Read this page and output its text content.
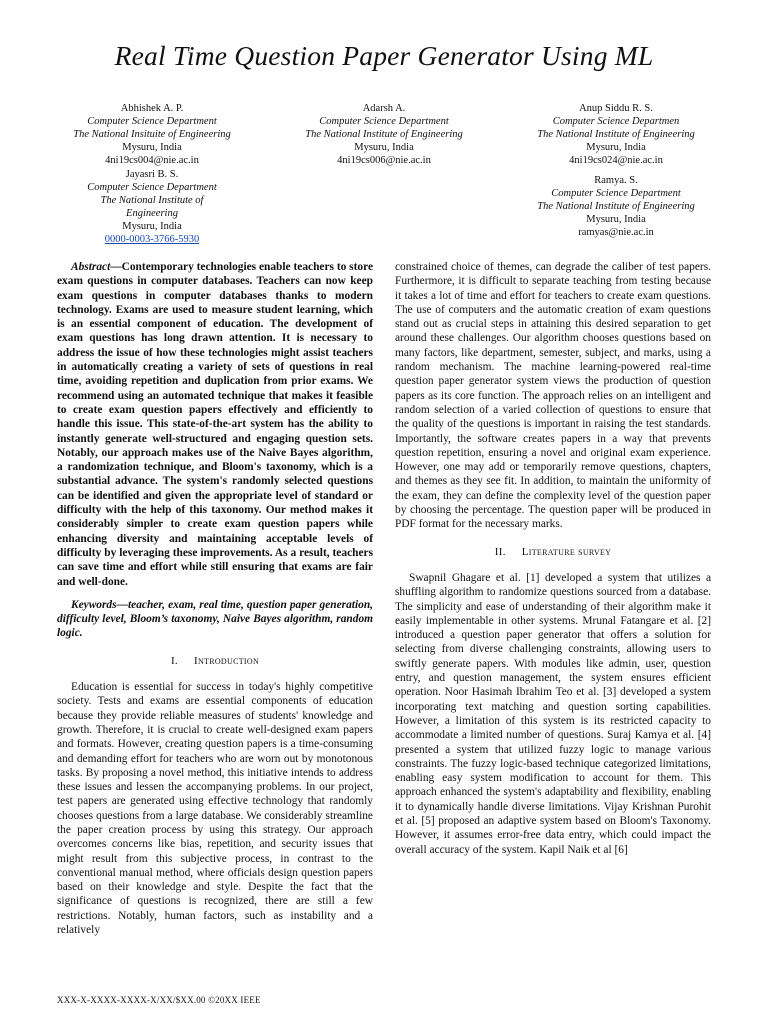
Real Time Question Paper Generator Using ML
Abhishek A. P.
Computer Science Department
The National Insituite of Engineering
Mysuru, India
4ni19cs004@nie.ac.in
Adarsh A.
Computer Science Department
The National Institute of Engineering
Mysuru, India
4ni19cs006@nie.ac.in
Anup Siddu R. S.
Computer Science Departmen
The National Institute of Engineering
Mysuru, India
4ni19cs024@nie.ac.in
Jayasri B. S.
Computer Science Department
The National Institute of
Engineering
Mysuru, India
0000-0003-3766-5930
Ramya. S.
Computer Science Department
The National Institute of Engineering
Mysuru, India
ramyas@nie.ac.in

Abstract—Contemporary technologies enable teachers to store exam questions in computer databases. Teachers can now keep exam questions in computer databases thanks to modern technology. Exams are used to measure student learning, which is an essential component of education. The development of exam questions has long drawn attention. It is necessary to address the issue of how these technologies might assist teachers in automatically creating a variety of sets of questions in real time, avoiding repetition and duplication from prior exams. We recommend using an automated technique that makes it feasible to create exam question papers effectively and efficiently to handle this issue. This state-of-the-art system has the ability to instantly generate well-structured and engaging question sets. Notably, our approach makes use of the Naive Bayes algorithm, a randomization technique, and Bloom's taxonomy, which is a substantial advance. The system's randomly selected questions can be identified and given the appropriate level of standard or difficulty with the help of this taxonomy. Our method makes it considerably simpler to create exam question papers while enhancing diversity and maintaining acceptable levels of difficulty by leveraging these improvements. As a result, teachers can save time and effort while still ensuring that exams are fair and well-done.

Keywords—teacher, exam, real time, question paper generation, difficulty level, Bloom’s taxonomy, Naive Bayes algorithm, random logic.

I. Introduction

Education is essential for success in today's highly competitive society. Tests and exams are essential components of education because they provide reliable measures of students' knowledge and growth. Therefore, it is crucial to create well-designed exam papers and formats. However, creating question papers is a time-consuming and demanding effort for teachers who are worn out by monotonous tasks. By proposing a novel method, this initiative intends to address these issues and lessen the accompanying problems. In our project, test papers are generated using effective technology that randomly chooses questions from a large database. We considerably streamline the paper creation process by using this strategy. Our approach overcomes concerns like bias, repetition, and security issues that might result from this subjective process, in contrast to the conventional manual method, where officials design question papers based on their knowledge and style. Despite the fact that the significance of questions is recognized, there are still a few restrictions. Notably, human factors, such as instability and a relatively

constrained choice of themes, can degrade the caliber of test papers. Furthermore, it is difficult to separate teaching from testing because it takes a lot of time and effort for teachers to create exam questions. The use of computers and the automatic creation of exam questions stand out as crucial steps in attaining this desired separation to get around these challenges. Our algorithm chooses questions based on many factors, like department, semester, subject, and marks, using a random mechanism. The machine learning-powered real-time question paper generator system views the production of question papers as its core function. The approach relies on an intelligent and random selection of a varied collection of questions to ensure that the quality of the questions is important in raising the test standards. Importantly, the software creates papers in a way that prevents question repetition, ensuring a novel and original exam experience. However, one may add or temporarily remove questions, chapters, and themes as they see fit. In addition, to maintain the uniformity of the exam, they can define the complexity level of the question paper by choosing the percentage. The question paper will be produced in PDF format for the necessary marks.

II. Literature survey

Swapnil Ghagare et al. [1] developed a system that utilizes a shuffling algorithm to randomize questions sourced from a database. The simplicity and ease of understanding of their algorithm make it easily implementable in other systems. Mrunal Fatangare et al. [2] introduced a question paper generator that offers a solution for selecting from diverse challenging constraints, allowing users to swiftly generate papers. With modules like admin, user, question entry, and question management, the system ensures efficient operation. Noor Hasimah Ibrahim Teo et al. [3] developed a system incorporating text matching and question sorting capabilities. However, a limitation of this system is its restricted capacity to accommodate a limited number of questions. Suraj Kamya et al. [4] presented a system that utilized fuzzy logic to manage various constraints. The fuzzy logic-based technique categorized limitations, enabling easy system modification to account for them. This approach enhanced the system's adaptability and flexibility, enabling it to dynamically handle diverse limitations. Vijay Krishnan Purohit et al. [5] proposed an adaptive system based on Bloom's Taxonomy. However, it assumes error-free data entry, which could impact the overall accuracy of the system. Kapil Naik et al [6]

XXX-X-XXXX-XXXX-X/XX/$XX.00 ©20XX IEEE
